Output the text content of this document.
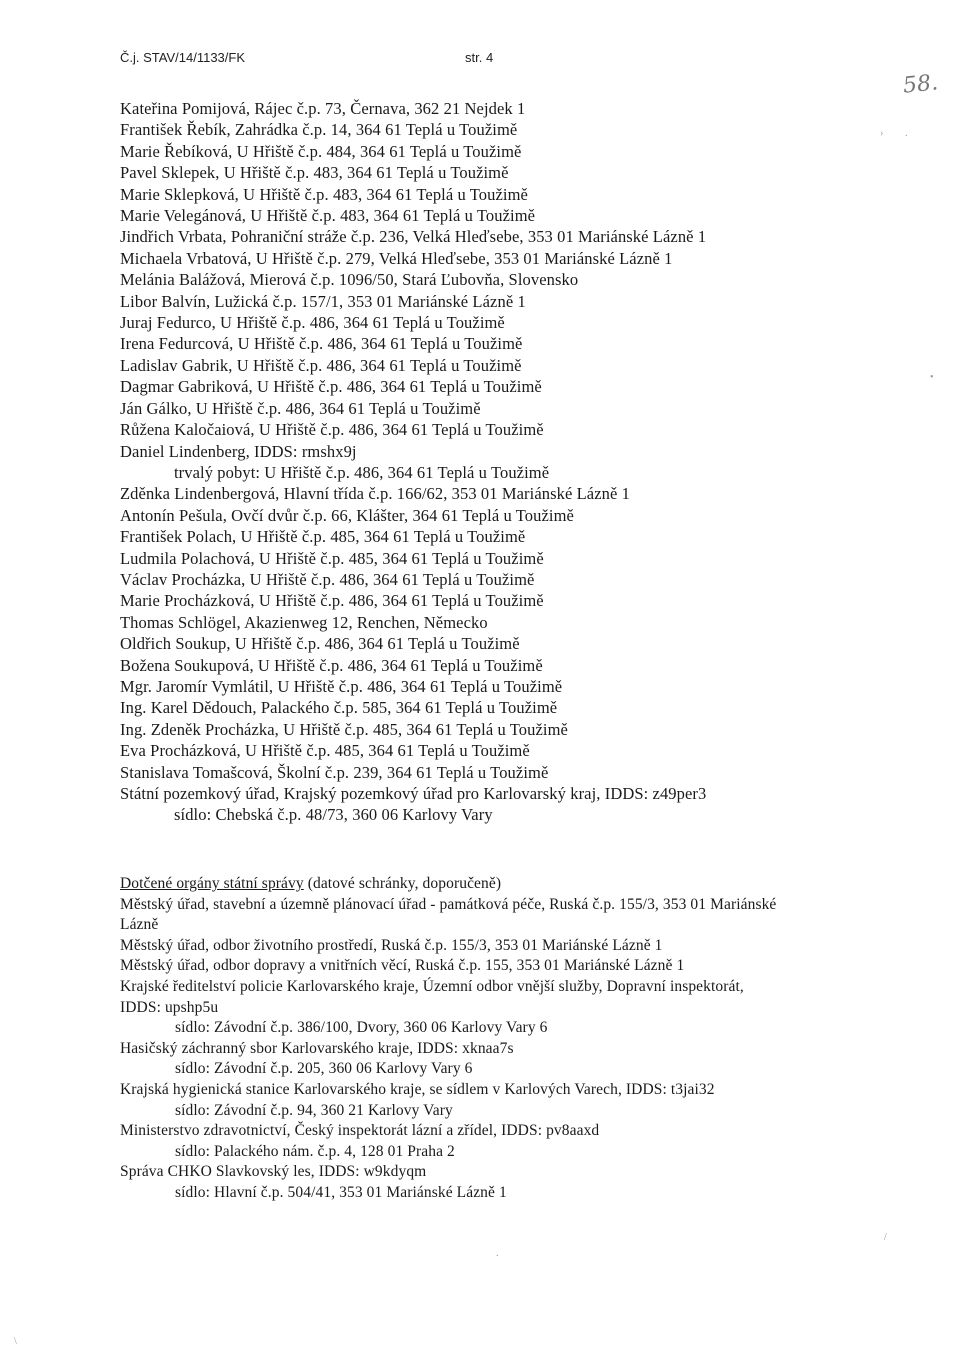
Č.j. STAV/14/1133/FK	str. 4
58.
› .
•
/
.
\
Kateřina Pomijová, Rájec č.p. 73, Černava, 362 21 Nejdek 1
František Řebík, Zahrádka č.p. 14, 364 61 Teplá u Toužimě
Marie Řebíková, U Hřiště č.p. 484, 364 61 Teplá u Toužimě
Pavel Sklepek, U Hřiště č.p. 483, 364 61 Teplá u Toužimě
Marie Sklepková, U Hřiště č.p. 483, 364 61 Teplá u Toužimě
Marie Velegánová, U Hřiště č.p. 483, 364 61 Teplá u Toužimě
Jindřich Vrbata, Pohraniční stráže č.p. 236, Velká Hleďsebe, 353 01 Mariánské Lázně 1
Michaela Vrbatová, U Hřiště č.p. 279, Velká Hleďsebe, 353 01 Mariánské Lázně 1
Melánia Balážová, Mierová č.p. 1096/50, Stará Ľubovňa, Slovensko
Libor Balvín, Lužická č.p. 157/1, 353 01 Mariánské Lázně 1
Juraj Fedurco, U Hřiště č.p. 486, 364 61 Teplá u Toužimě
Irena Fedurcová, U Hřiště č.p. 486, 364 61 Teplá u Toužimě
Ladislav Gabrik, U Hřiště č.p. 486, 364 61 Teplá u Toužimě
Dagmar Gabriková, U Hřiště č.p. 486, 364 61 Teplá u Toužimě
Ján Gálko, U Hřiště č.p. 486, 364 61 Teplá u Toužimě
Růžena Kaločaiová, U Hřiště č.p. 486, 364 61 Teplá u Toužimě
Daniel Lindenberg, IDDS: rmshx9j
trvalý pobyt: U Hřiště č.p. 486, 364 61 Teplá u Toužimě
Zděnka Lindenbergová, Hlavní třída č.p. 166/62, 353 01 Mariánské Lázně 1
Antonín Pešula, Ovčí dvůr č.p. 66, Klášter, 364 61 Teplá u Toužimě
František Polach, U Hřiště č.p. 485, 364 61 Teplá u Toužimě
Ludmila Polachová, U Hřiště č.p. 485, 364 61 Teplá u Toužimě
Václav Procházka, U Hřiště č.p. 486, 364 61 Teplá u Toužimě
Marie Procházková, U Hřiště č.p. 486, 364 61 Teplá u Toužimě
Thomas Schlögel, Akazienweg 12, Renchen, Německo
Oldřich Soukup, U Hřiště č.p. 486, 364 61 Teplá u Toužimě
Božena Soukupová, U Hřiště č.p. 486, 364 61 Teplá u Toužimě
Mgr. Jaromír Vymlátil, U Hřiště č.p. 486, 364 61 Teplá u Toužimě
Ing. Karel Dědouch, Palackého č.p. 585, 364 61 Teplá u Toužimě
Ing. Zdeněk Procházka, U Hřiště č.p. 485, 364 61 Teplá u Toužimě
Eva Procházková, U Hřiště č.p. 485, 364 61 Teplá u Toužimě
Stanislava Tomašcová, Školní č.p. 239, 364 61 Teplá u Toužimě
Státní pozemkový úřad, Krajský pozemkový úřad pro Karlovarský kraj, IDDS: z49per3
sídlo: Chebská č.p. 48/73, 360 06 Karlovy Vary
Dotčené orgány státní správy (datové schránky, doporučeně)
Městský úřad, stavební a územně plánovací úřad - památková péče, Ruská č.p. 155/3, 353 01 Mariánské
Lázně
Městský úřad, odbor životního prostředí, Ruská č.p. 155/3, 353 01 Mariánské Lázně 1
Městský úřad, odbor dopravy a vnitřních věcí, Ruská č.p. 155, 353 01 Mariánské Lázně 1
Krajské ředitelství policie Karlovarského kraje, Územní odbor vnější služby, Dopravní inspektorát,
IDDS: upshp5u
sídlo: Závodní č.p. 386/100, Dvory, 360 06 Karlovy Vary 6
Hasičský záchranný sbor Karlovarského kraje, IDDS: xknaa7s
sídlo: Závodní č.p. 205, 360 06 Karlovy Vary 6
Krajská hygienická stanice Karlovarského kraje, se sídlem v Karlových Varech, IDDS: t3jai32
sídlo: Závodní č.p. 94, 360 21 Karlovy Vary
Ministerstvo zdravotnictví, Český inspektorát lázní a zřídel, IDDS: pv8aaxd
sídlo: Palackého nám. č.p. 4, 128 01 Praha 2
Správa CHKO Slavkovský les, IDDS: w9kdyqm
sídlo: Hlavní č.p. 504/41, 353 01 Mariánské Lázně 1
